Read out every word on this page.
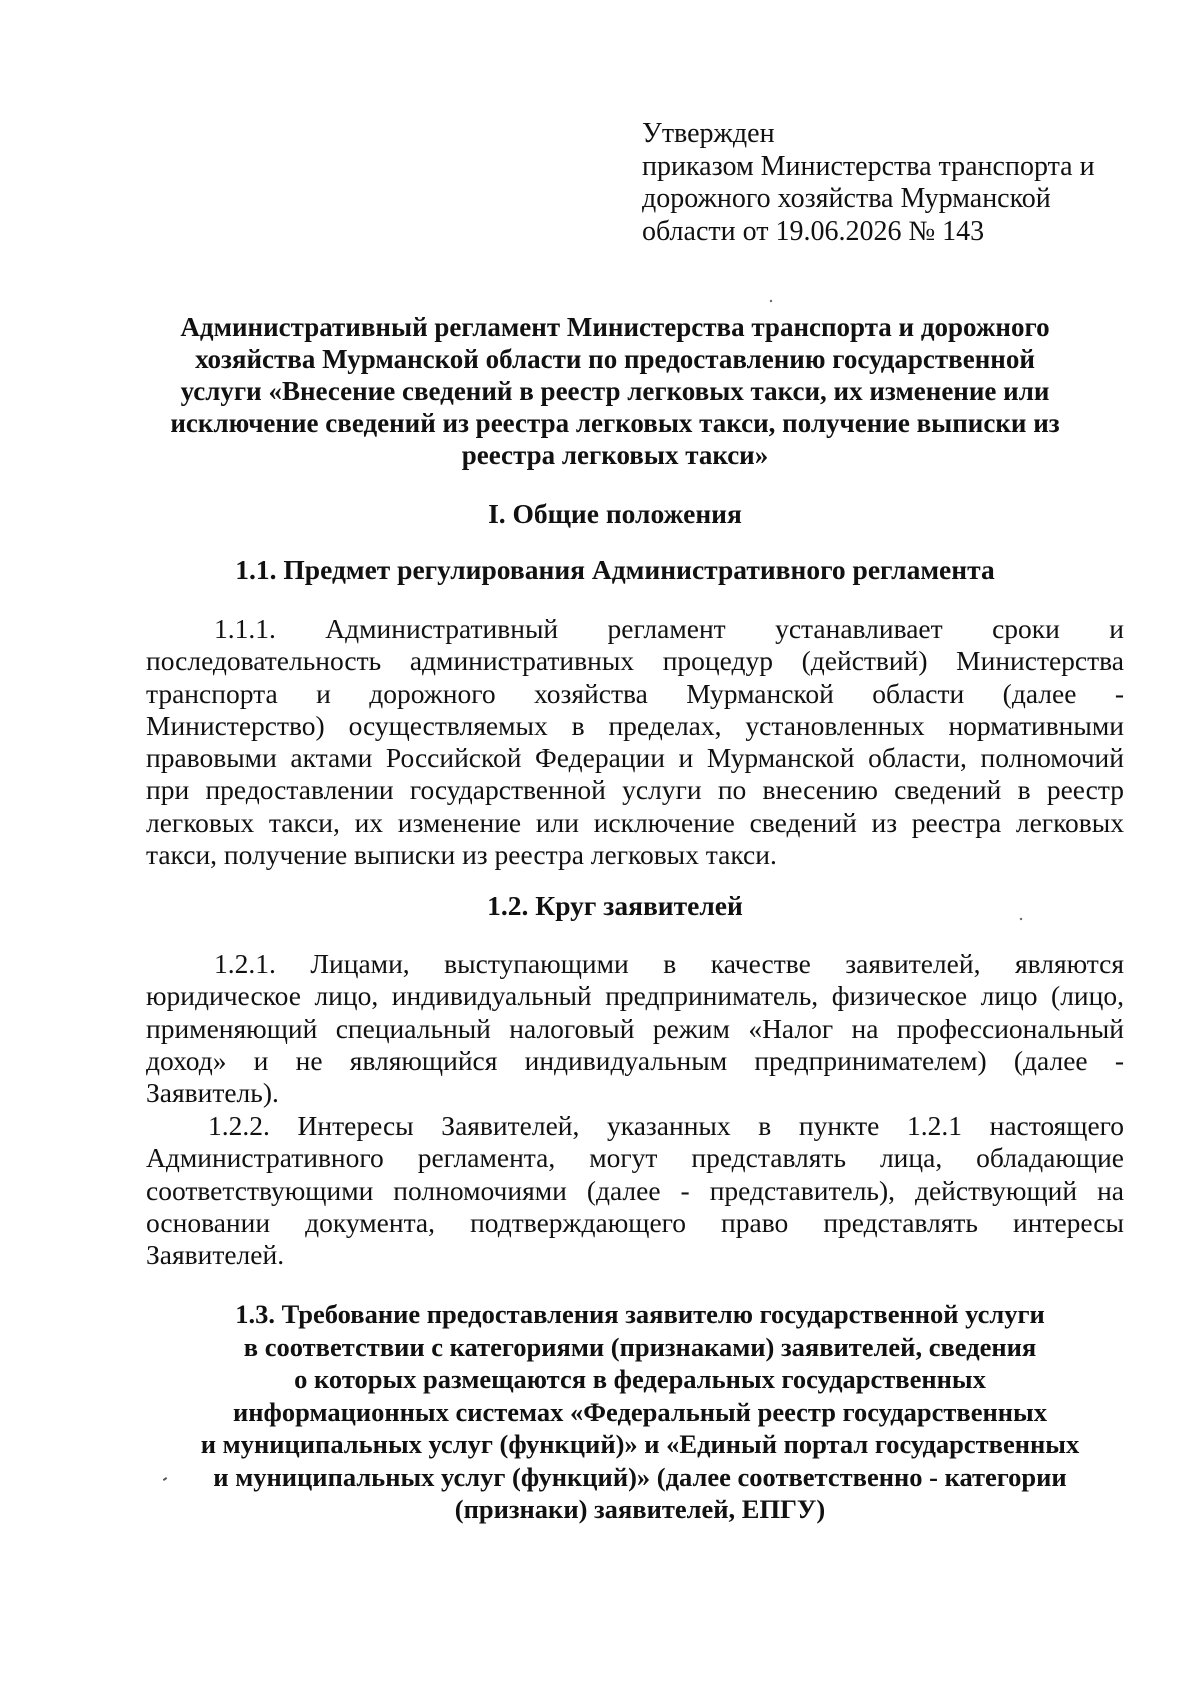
Утвержден
приказом Министерства транспорта и
дорожного хозяйства Мурманской
области от 19.06.2026 № 143
Административный регламент Министерства транспорта и дорожного
хозяйства Мурманской области по предоставлению государственной
услуги «Внесение сведений в реестр легковых такси, их изменение или
исключение сведений из реестра легковых такси, получение выписки из
реестра легковых такси»
I. Общие положения
1.1. Предмет регулирования Административного регламента
1.1.1. Административный регламент устанавливает сроки и
последовательность административных процедур (действий) Министерства
транспорта и дорожного хозяйства Мурманской области (далее -
Министерство) осуществляемых в пределах, установленных нормативными
правовыми актами Российской Федерации и Мурманской области, полномочий
при предоставлении государственной услуги по внесению сведений в реестр
легковых такси, их изменение или исключение сведений из реестра легковых
такси, получение выписки из реестра легковых такси.
1.2. Круг заявителей
1.2.1. Лицами, выступающими в качестве заявителей, являются
юридическое лицо, индивидуальный предприниматель, физическое лицо (лицо,
применяющий специальный налоговый режим «Налог на профессиональный
доход» и не являющийся индивидуальным предпринимателем) (далее -
Заявитель).
1.2.2. Интересы Заявителей, указанных в пункте 1.2.1 настоящего
Административного регламента, могут представлять лица, обладающие
соответствующими полномочиями (далее - представитель), действующий на
основании документа, подтверждающего право представлять интересы
Заявителей.
1.3. Требование предоставления заявителю государственной услуги
в соответствии с категориями (признаками) заявителей, сведения
о которых размещаются в федеральных государственных
информационных системах «Федеральный реестр государственных
и муниципальных услуг (функций)» и «Единый портал государственных
и муниципальных услуг (функций)» (далее соответственно - категории
(признаки) заявителей, ЕПГУ)
